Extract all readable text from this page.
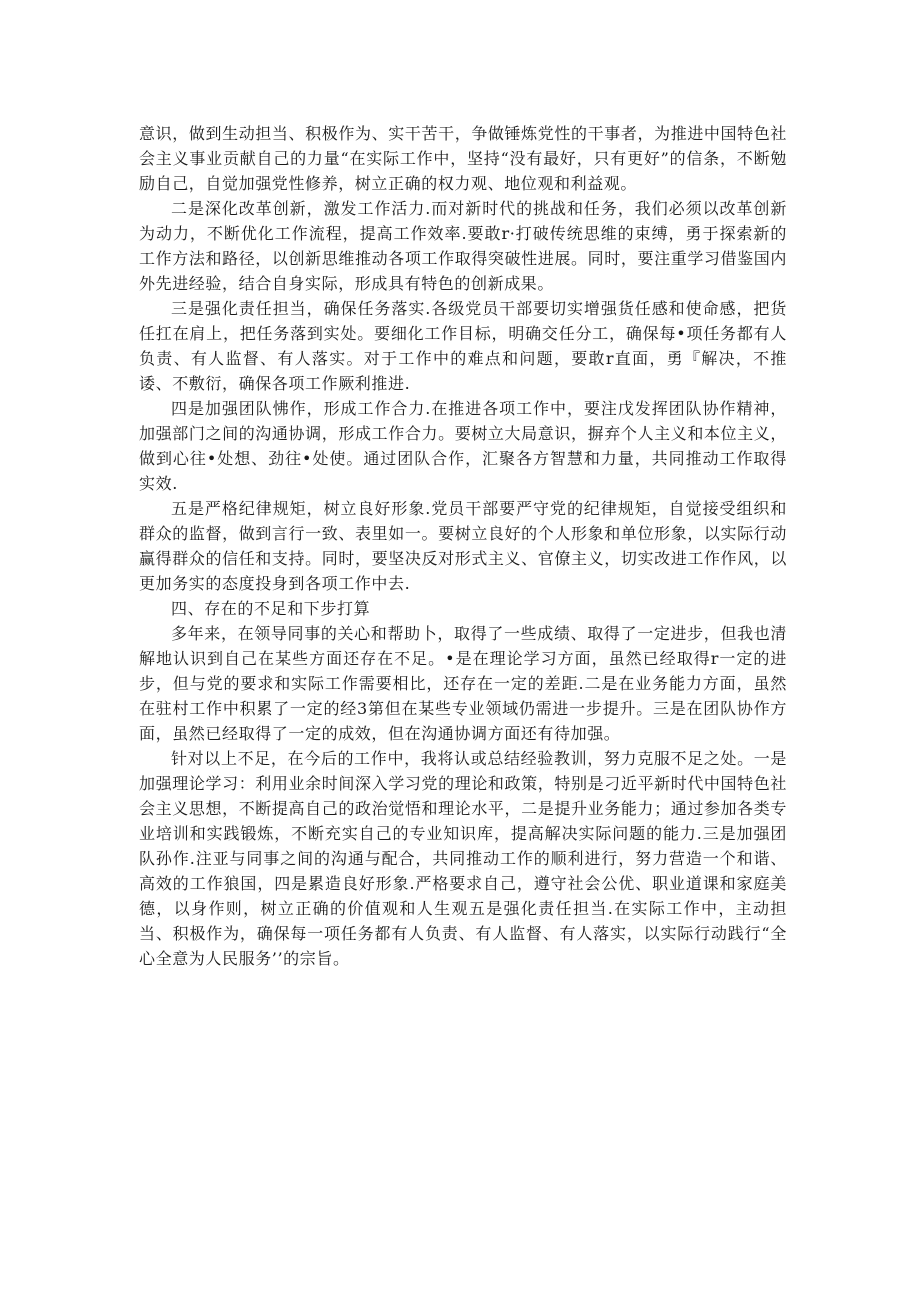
意识，做到生动担当、积极作为、实干苦干，争做锤炼党性的干事者，为推进中国特色社会主义事业贡献自己的力量“在实际工作中，坚持“没有最好，只有更好”的信条，不断勉励自己，自觉加强党性修养，树立正确的权力观、地位观和利益观。

二是深化改革创新，激发工作活力.而对新时代的挑战和任务，我们必须以改革创新为动力，不断优化工作流程，提高工作效率.要敢r·打破传统思维的束缚，勇于探索新的工作方法和路径，以创新思维推动各项工作取得突破性进展。同时，要注重学习借鉴国内外先进经验，结合自身实际，形成具有特色的创新成果。

三是强化责任担当，确保任务落实.各级党员干部要切实增强货任感和使命感，把货任扛在肩上，把任务落到实处。要细化工作目标，明确交任分工，确保每•项任务都有人负责、有人监督、有人落实。对于工作中的难点和问题，要敢r直面，勇『解决，不推诿、不敷衍，确保各项工作厥利推进.

四是加强团队怫作，形成工作合力.在推进各项工作中，要注戊发挥团队协作精神，加强部门之间的沟通协调，形成工作合力。要树立大局意识，摒弃个人主义和本位主义，做到心往•处想、劲往•处使。通过团队合作，汇聚各方智慧和力量，共同推动工作取得实效.

五是严格纪律规矩，树立良好形象.党员干部要严守党的纪律规矩，自觉接受组织和群众的监督，做到言行一致、表里如一。要树立良好的个人形象和单位形象，以实际行动赢得群众的信任和支持。同时，要坚决反对形式主义、官僚主义，切实改进工作作风，以更加务实的态度投身到各项工作中去.

四、存在的不足和下步打算

多年来，在领导同事的关心和帮助卜，取得了一些成绩、取得了一定进步，但我也清解地认识到自己在某些方面还存在不足。•是在理论学习方面，虽然已经取得r一定的进步，但与党的要求和实际工作需要相比，还存在一定的差距.二是在业务能力方面，虽然在驻村工作中积累了一定的经3第但在某些专业领域仍需进一步提升。三是在团队协作方面，虽然已经取得了一定的成效，但在沟通协调方面还有待加强。

针对以上不足，在今后的工作中，我将认或总结经验教训，努力克服不足之处。一是加强理论学习：利用业余时间深入学习党的理论和政策，特别是刁近平新时代中国特色社会主义思想，不断提高自己的政治觉悟和理论水平，二是提升业务能力；通过参加各类专业培训和实践锻炼，不断充实自己的专业知识库，提高解决实际问题的能力.三是加强团队孙作.注亚与同事之间的沟通与配合，共同推动工作的顺利进行，努力营造一个和谐、高效的工作狼国，四是累造良好形象.严格要求自己，遵守社会公优、职业道课和家庭美德，以身作则，树立正确的价值观和人生观五是强化责任担当.在实际工作中，主动担当、积极作为，确保每一项任务都有人负责、有人监督、有人落实，以实际行动践行“全心全意为人民服务’’的宗旨。
